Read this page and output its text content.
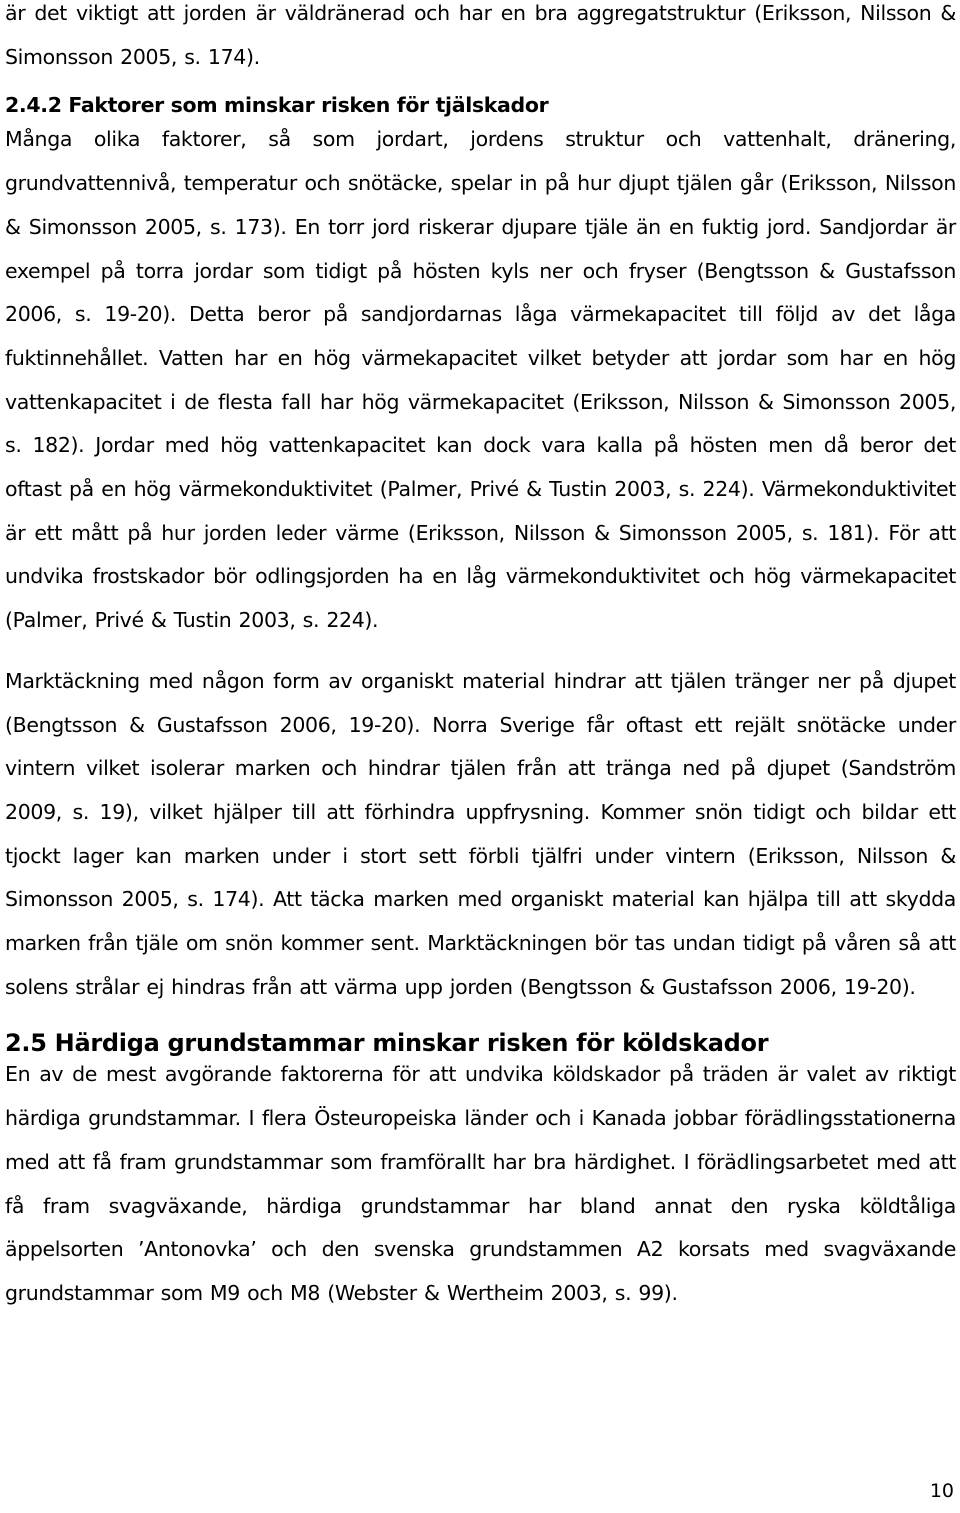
är det viktigt att jorden är väldränerad och har en bra aggregatstruktur (Eriksson, Nilsson & Simonsson 2005, s. 174).

2.4.2 Faktorer som minskar risken för tjälskador

Många olika faktorer, så som jordart, jordens struktur och vattenhalt, dränering, grundvattennivå, temperatur och snötäcke, spelar in på hur djupt tjälen går (Eriksson, Nilsson & Simonsson 2005, s. 173). En torr jord riskerar djupare tjäle än en fuktig jord. Sandjordar är exempel på torra jordar som tidigt på hösten kyls ner och fryser (Bengtsson & Gustafsson 2006, s. 19-20). Detta beror på sandjordarnas låga värmekapacitet till följd av det låga fuktinnehållet. Vatten har en hög värmekapacitet vilket betyder att jordar som har en hög vattenkapacitet i de flesta fall har hög värmekapacitet (Eriksson, Nilsson & Simonsson 2005, s. 182). Jordar med hög vattenkapacitet kan dock vara kalla på hösten men då beror det oftast på en hög värmekonduktivitet (Palmer, Privé & Tustin 2003, s. 224). Värmekonduktivitet är ett mått på hur jorden leder värme (Eriksson, Nilsson & Simonsson 2005, s. 181). För att undvika frostskador bör odlingsjorden ha en låg värmekonduktivitet och hög värmekapacitet (Palmer, Privé & Tustin 2003, s. 224).

Marktäckning med någon form av organiskt material hindrar att tjälen tränger ner på djupet (Bengtsson & Gustafsson 2006, 19-20). Norra Sverige får oftast ett rejält snötäcke under vintern vilket isolerar marken och hindrar tjälen från att tränga ned på djupet (Sandström 2009, s. 19), vilket hjälper till att förhindra uppfrysning. Kommer snön tidigt och bildar ett tjockt lager kan marken under i stort sett förbli tjälfri under vintern (Eriksson, Nilsson & Simonsson 2005, s. 174). Att täcka marken med organiskt material kan hjälpa till att skydda marken från tjäle om snön kommer sent. Marktäckningen bör tas undan tidigt på våren så att solens strålar ej hindras från att värma upp jorden (Bengtsson & Gustafsson 2006, 19-20).

2.5 Härdiga grundstammar minskar risken för köldskador

En av de mest avgörande faktorerna för att undvika köldskador på träden är valet av riktigt härdiga grundstammar. I flera Östeuropeiska länder och i Kanada jobbar förädlingsstationerna med att få fram grundstammar som framförallt har bra härdighet. I förädlingsarbetet med att få fram svagväxande, härdiga grundstammar har bland annat den ryska köldtåliga äppelsorten ’Antonovka’ och den svenska grundstammen A2 korsats med svagväxande grundstammar som M9 och M8 (Webster & Wertheim 2003, s. 99).

10
